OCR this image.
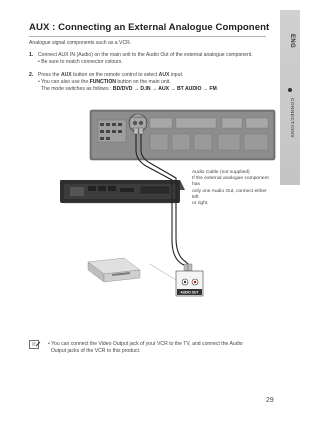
ENG
CONNECTIONS
AUX : Connecting an External Analogue Component
Analogue signal components such as a VCR.
1. Connect AUX IN (Audio) on the main unit to the Audio Out of the external analogue component.
• Be sure to match connector colours.
2. Press the AUX button on the remote control to select AUX input.
• You can also use the FUNCTION button on the main unit.
The mode switches as follows : BD/DVD → D.IN → AUX → BT AUDIO → FM.
AUX
AUDIO OUT
Audio Cable (not supplied)
If the external analogue component has
only one Audio Out, connect either left
or right.
• You can connect the Video Output jack of your VCR to the TV, and connect the Audio
Output jacks of the VCR to this product.
29
